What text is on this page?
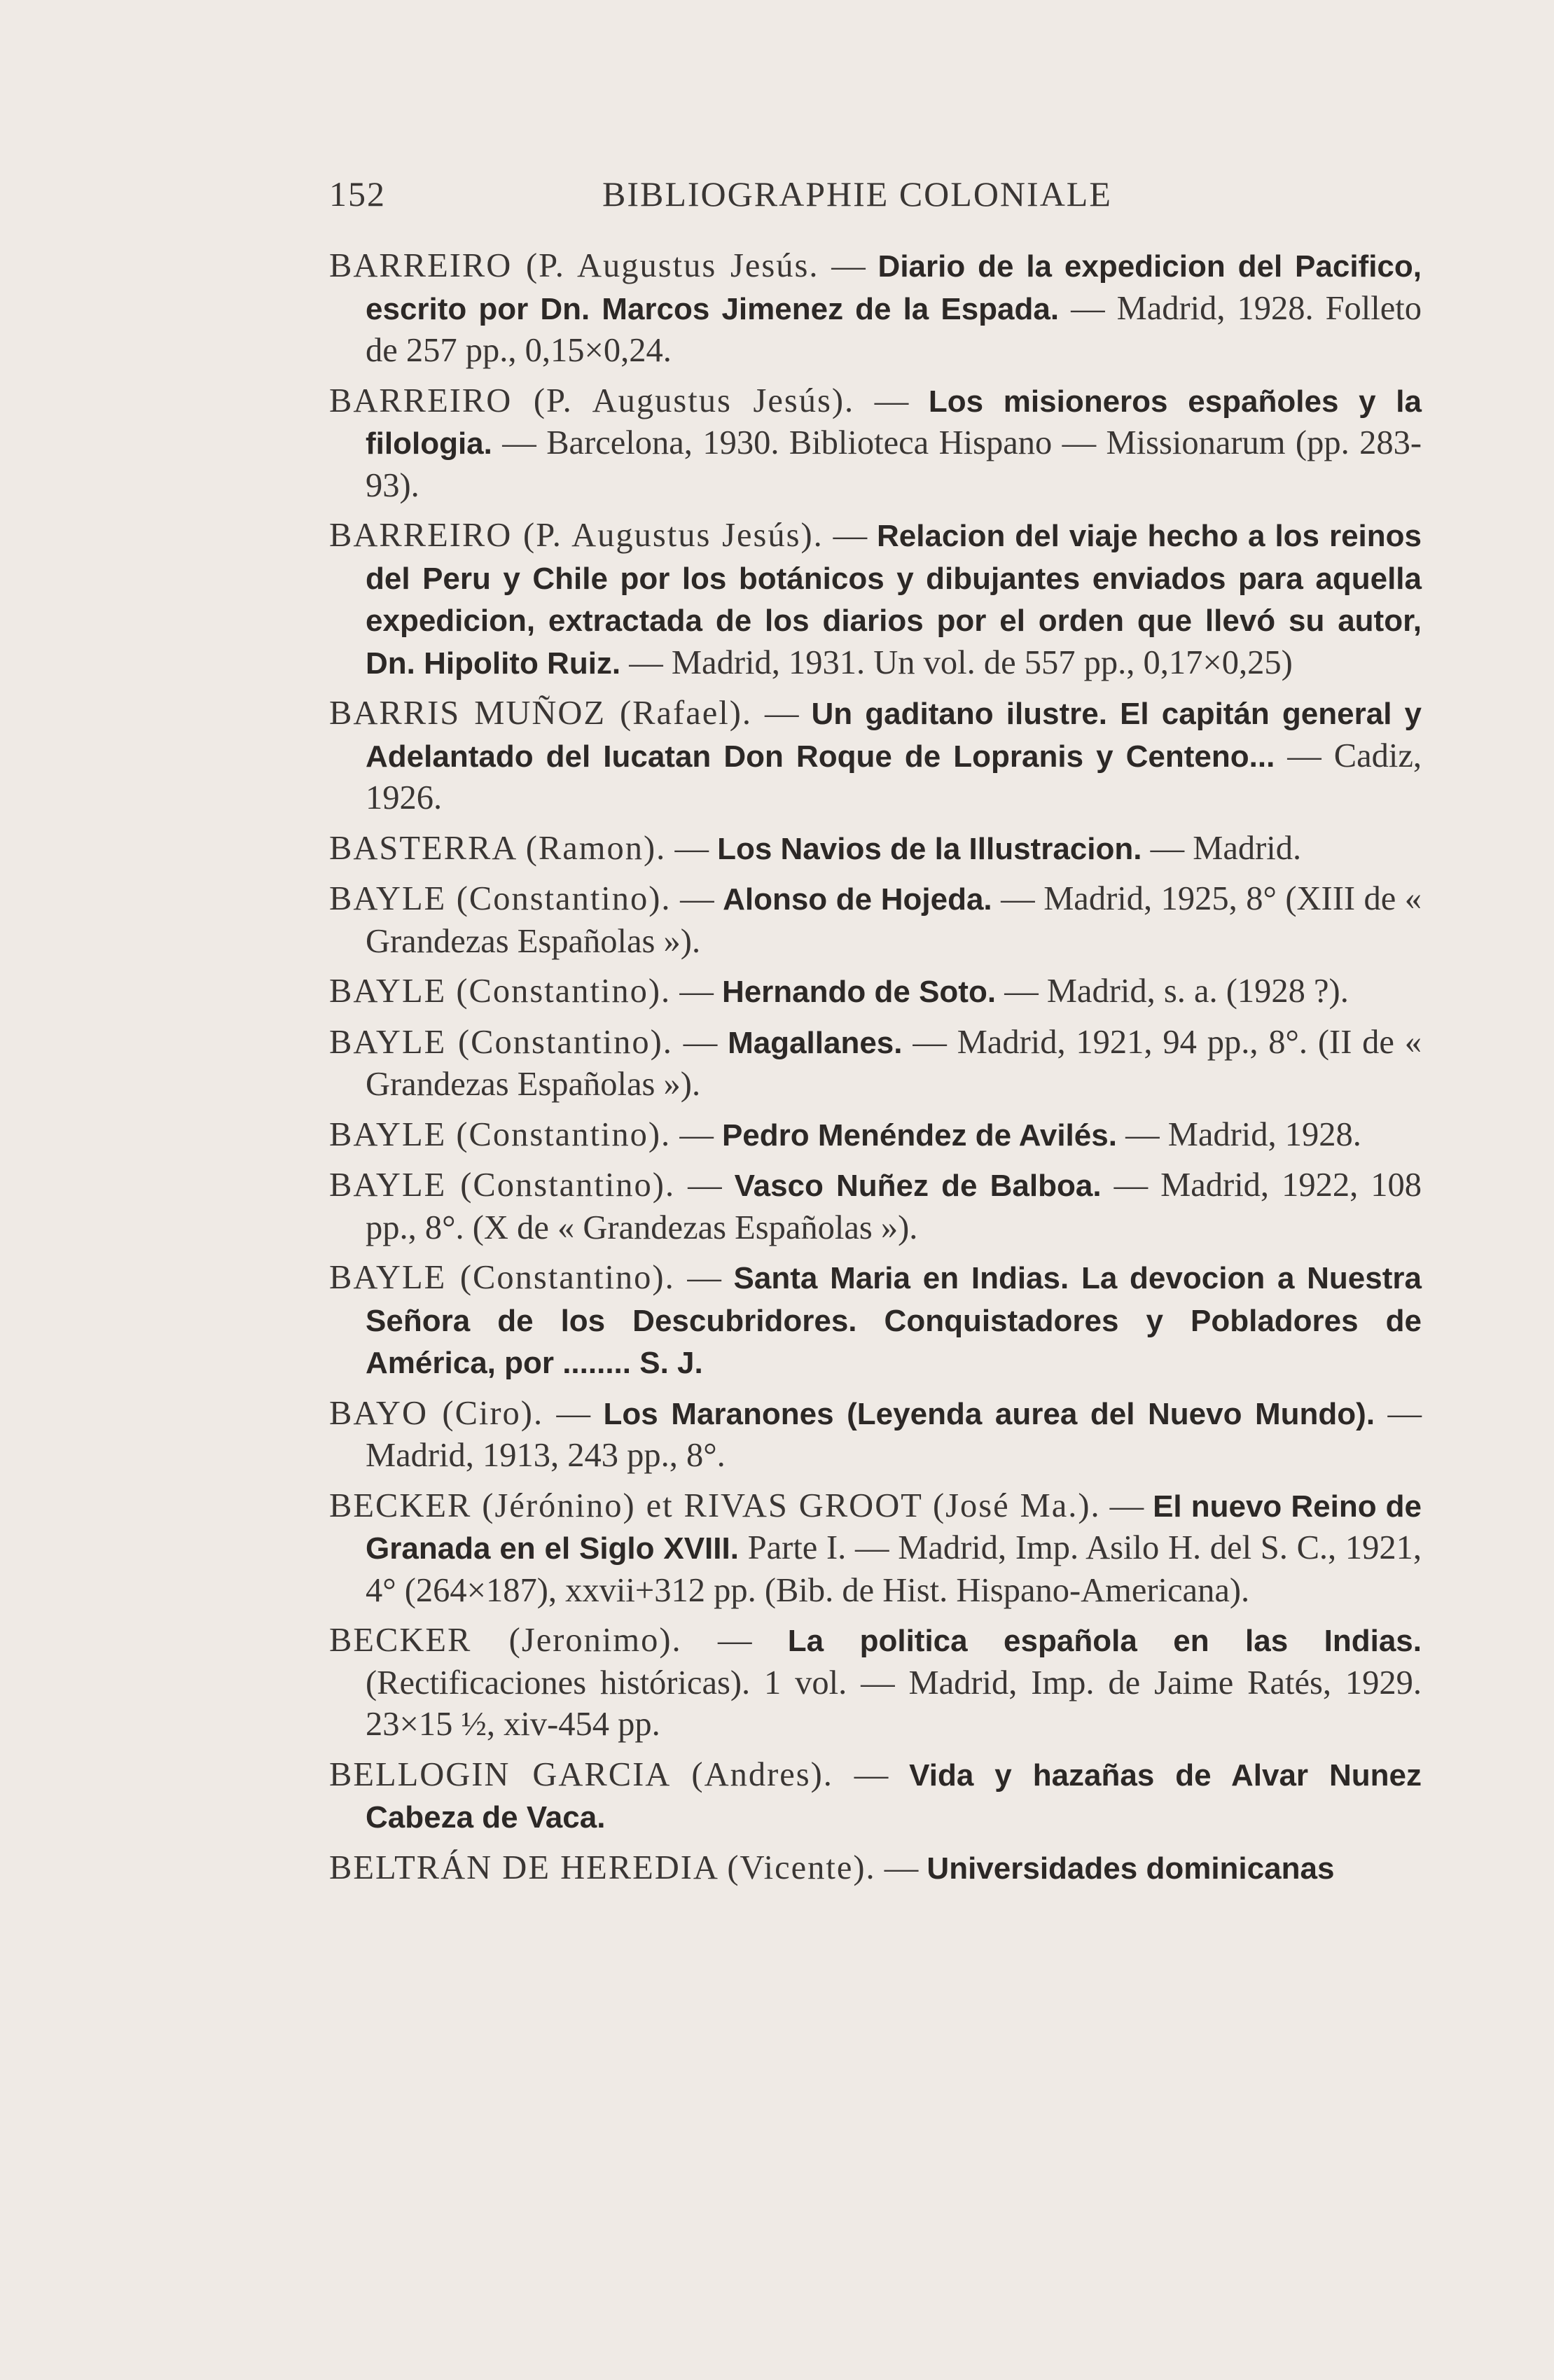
152	BIBLIOGRAPHIE COLONIALE

BARREIRO (P. Augustus Jesús. — Diario de la expedicion del Pacifico, escrito por Dn. Marcos Jimenez de la Espada. — Madrid, 1928. Folleto de 257 pp., 0,15×0,24.

BARREIRO (P. Augustus Jesús). — Los misioneros españoles y la filologia. — Barcelona, 1930. Biblioteca Hispano — Missionarum (pp. 283-93).

BARREIRO (P. Augustus Jesús). — Relacion del viaje hecho a los reinos del Peru y Chile por los botánicos y dibujantes enviados para aquella expedicion, extractada de los diarios por el orden que llevó su autor, Dn. Hipolito Ruiz. — Madrid, 1931. Un vol. de 557 pp., 0,17×0,25)

BARRIS MUÑOZ (Rafael). — Un gaditano ilustre. El capitán general y Adelantado del Iucatan Don Roque de Lopranis y Centeno... — Cadiz, 1926.

BASTERRA (Ramon). — Los Navios de la Illustracion. — Madrid.

BAYLE (Constantino). — Alonso de Hojeda. — Madrid, 1925, 8° (XIII de « Grandezas Españolas »).

BAYLE (Constantino). — Hernando de Soto. — Madrid, s. a. (1928 ?).

BAYLE (Constantino). — Magallanes. — Madrid, 1921, 94 pp., 8°. (II de « Grandezas Españolas »).

BAYLE (Constantino). — Pedro Menéndez de Avilés. — Madrid, 1928.

BAYLE (Constantino). — Vasco Nuñez de Balboa. — Madrid, 1922, 108 pp., 8°. (X de « Grandezas Españolas »).

BAYLE (Constantino). — Santa Maria en Indias. La devocion a Nuestra Señora de los Descubridores. Conquistadores y Pobladores de América, por ........ S. J.

BAYO (Ciro). — Los Maranones (Leyenda aurea del Nuevo Mundo). — Madrid, 1913, 243 pp., 8°.

BECKER (Jérónino) et RIVAS GROOT (José Ma.). — El nuevo Reino de Granada en el Siglo XVIII. Parte I. — Madrid, Imp. Asilo H. del S. C., 1921, 4° (264×187), xxvii+312 pp. (Bib. de Hist. Hispano-Americana).

BECKER (Jeronimo). — La politica española en las Indias. (Rectificaciones históricas). 1 vol. — Madrid, Imp. de Jaime Ratés, 1929. 23×15 ½, xiv-454 pp.

BELLOGIN GARCIA (Andres). — Vida y hazañas de Alvar Nunez Cabeza de Vaca.

BELTRÁN DE HEREDIA (Vicente). — Universidades dominicanas
